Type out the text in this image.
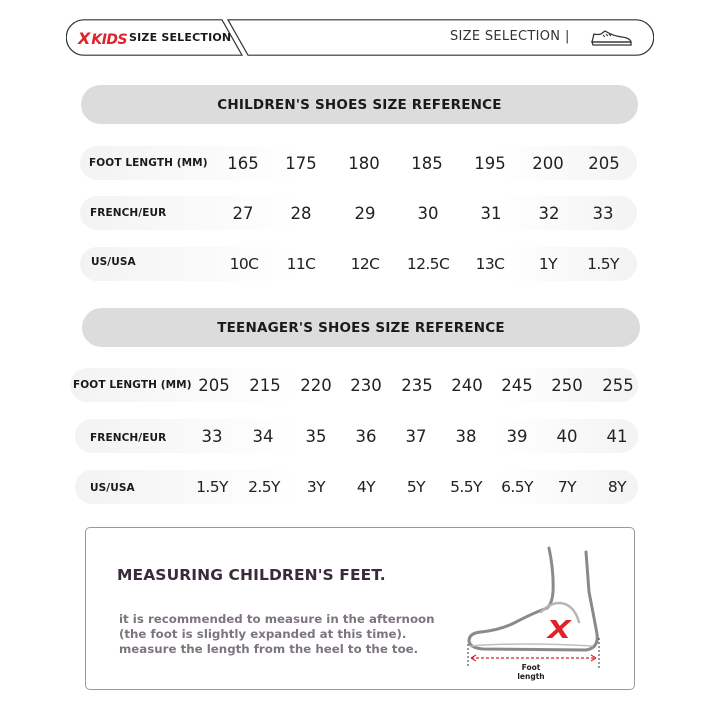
XKIDS SIZE SELECTION	SIZE SELECTION |
CHILDREN'S SHOES SIZE REFERENCE
FOOT LENGTH (MM)	165	175	180	185	195	200	205
FRENCH/EUR	27	28	29	30	31	32	33
US/USA	10C	11C	12C	12.5C	13C	1Y	1.5Y
TEENAGER'S SHOES SIZE REFERENCE
FOOT LENGTH (MM) 205	215	220	230	235	240	245	250	255
FRENCH/EUR	33	34	35	36	37	38	39	40	41
US/USA	1.5Y	2.5Y	3Y	4Y	5Y	5.5Y	6.5Y	7Y	8Y
MEASURING CHILDREN'S FEET.
it is recommended to measure in the afternoon
(the foot is slightly expanded at this time).
measure the length from the heel to the toe.
Foot
length
